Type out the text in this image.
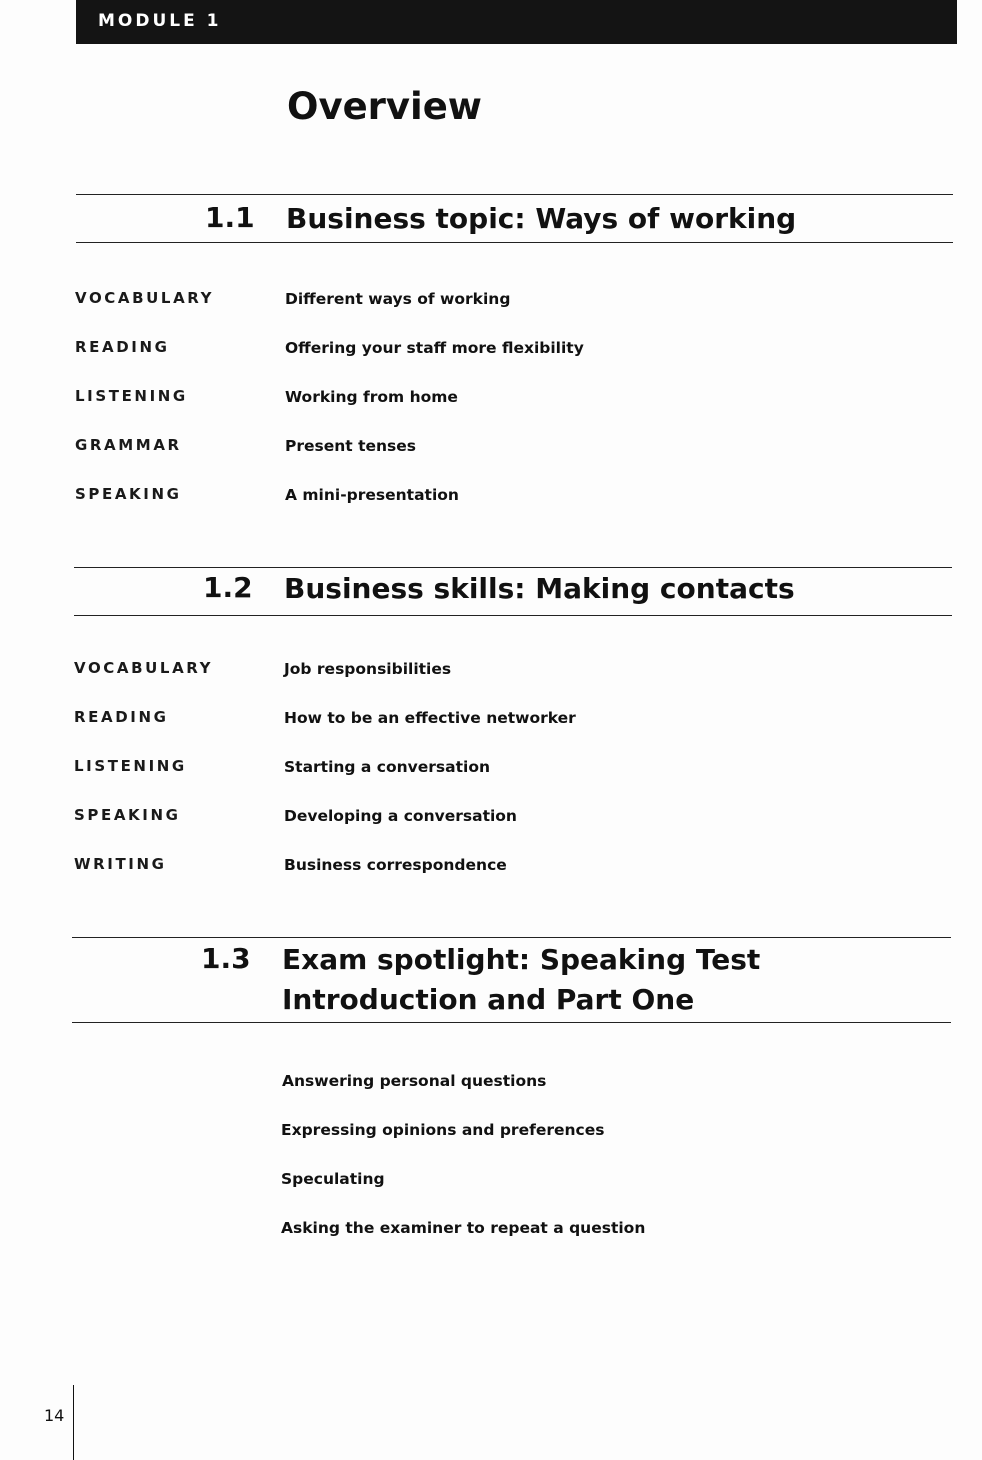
MODULE 1
Overview
1.1 Business topic: Ways of working
VOCABULARY	Different ways of working
READING	Offering your staff more flexibility
LISTENING	Working from home
GRAMMAR	Present tenses
SPEAKING	A mini-presentation
1.2 Business skills: Making contacts
VOCABULARY	Job responsibilities
READING	How to be an effective networker
LISTENING	Starting a conversation
SPEAKING	Developing a conversation
WRITING	Business correspondence
1.3 Exam spotlight: Speaking Test
Introduction and Part One
Answering personal questions
Expressing opinions and preferences
Speculating
Asking the examiner to repeat a question
14
